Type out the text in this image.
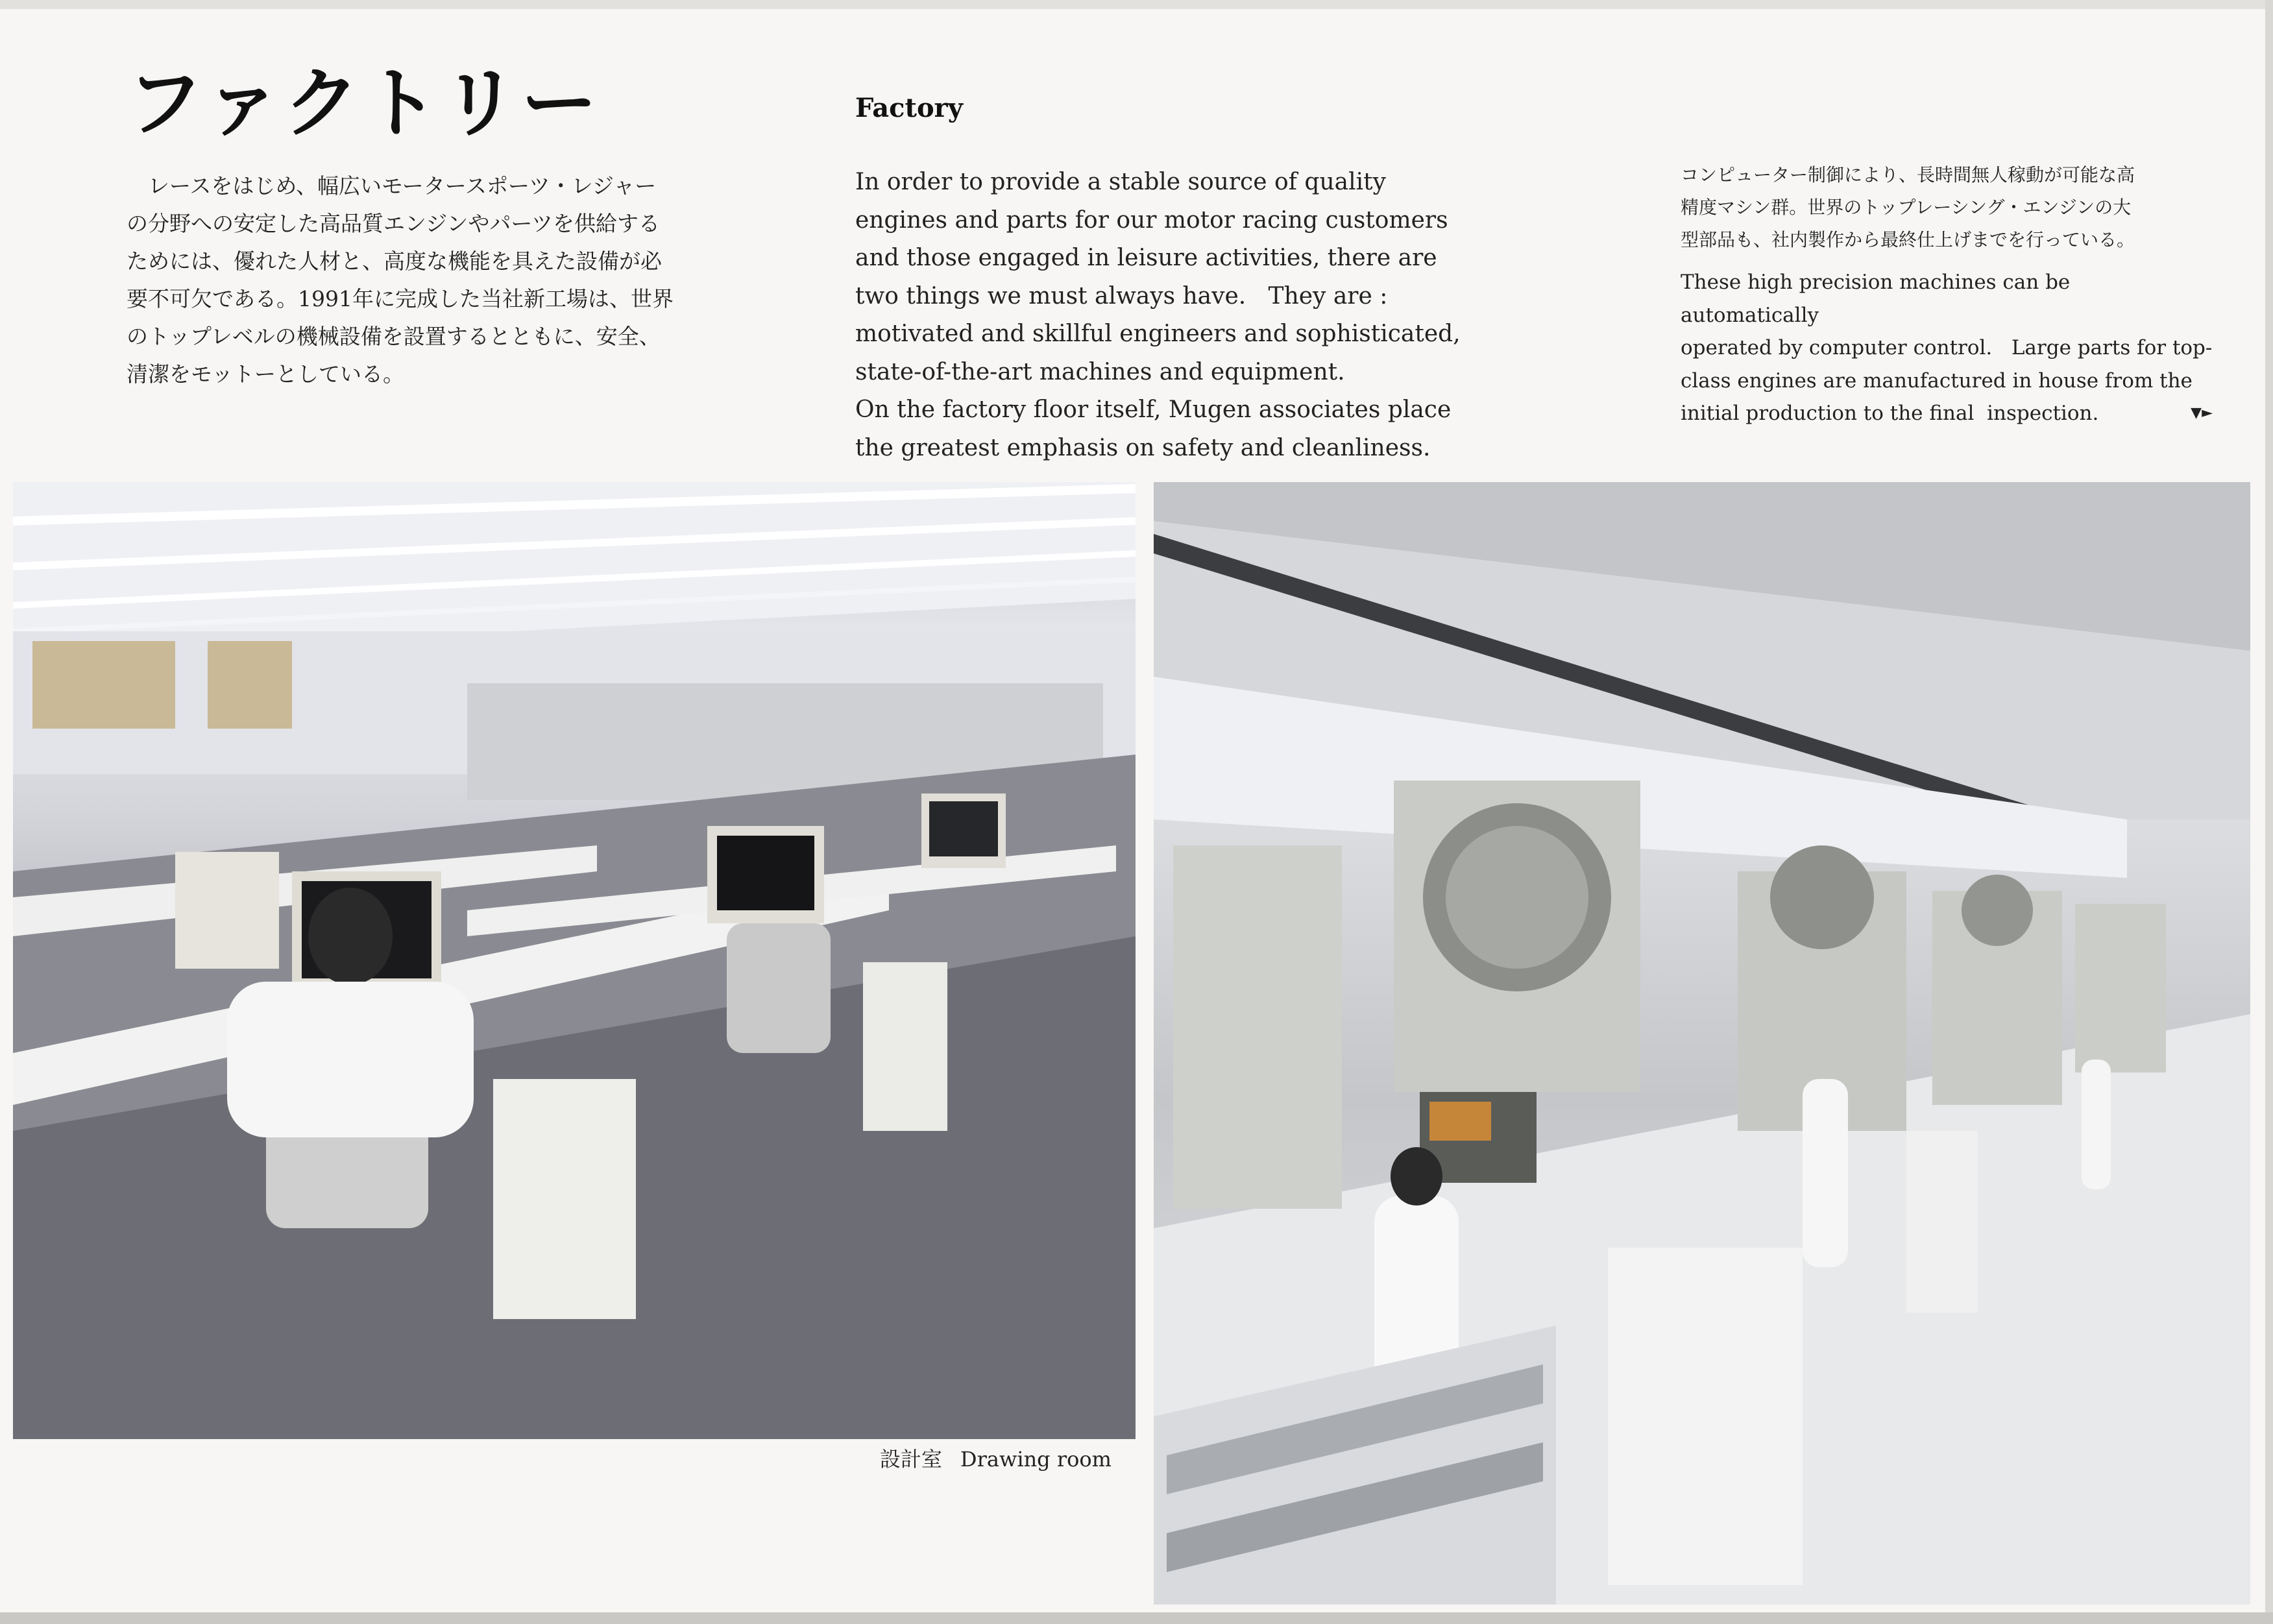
ファクトリー

　レースをはじめ、幅広いモータースポーツ・レジャー

の分野への安定した高品質エンジンやパーツを供給する

ためには、優れた人材と、高度な機能を具えた設備が必

要不可欠である。1991年に完成した当社新工場は、世界

のトップレベルの機械設備を設置するとともに、安全、

清潔をモットーとしている。

Factory

In order to provide a stable source of quality

engines and parts for our motor racing customers

and those engaged in leisure activities, there are

two things we must always have.   They are :

motivated and skillful engineers and sophisticated,

state-of-the-art machines and equipment.

On the factory floor itself, Mugen associates place

the greatest emphasis on safety and cleanliness.

コンピューター制御により、長時間無人稼動が可能な高
精度マシン群。世界のトップレーシング・エンジンの大
型部品も、社内製作から最終仕上げまでを行っている。

These high precision machines can be automatically

operated by computer control.   Large parts for top-

class engines are manufactured in house from the

initial production to the final  inspection.	▼►

設計室 Drawing room
